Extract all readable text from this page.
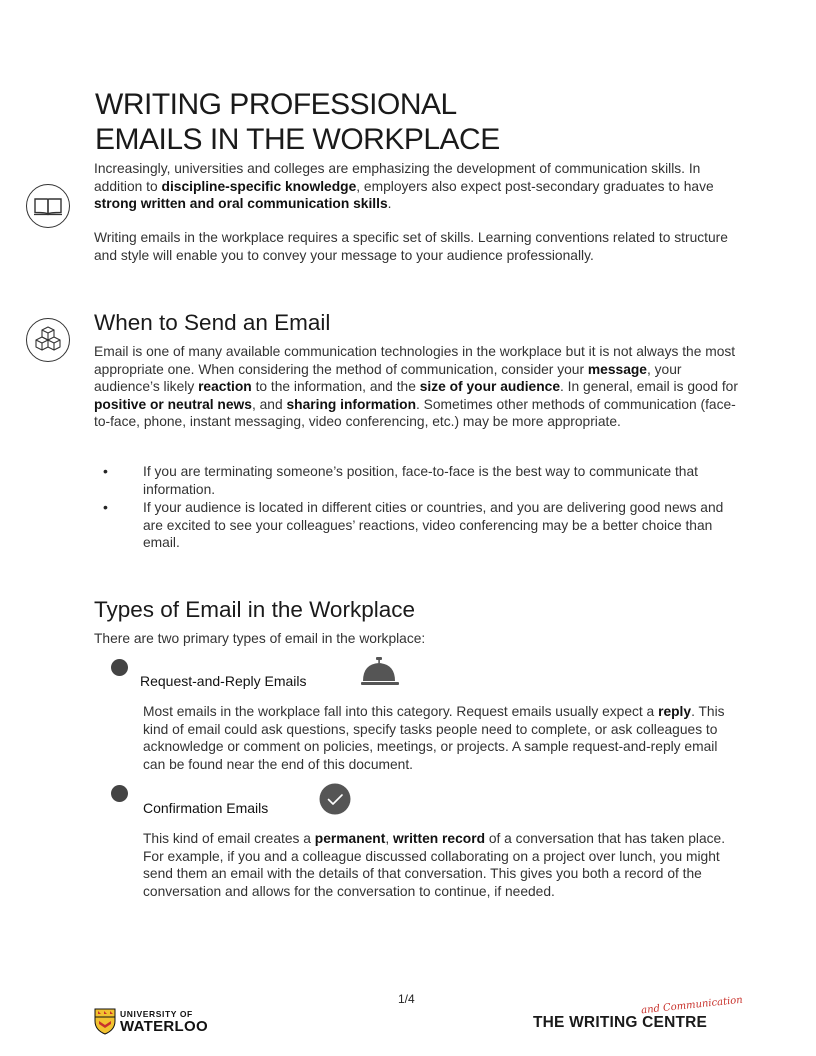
WRITING PROFESSIONAL
EMAILS IN THE WORKPLACE
Increasingly, universities and colleges are emphasizing the development of communication skills. In addition to discipline-specific knowledge, employers also expect post-secondary graduates to have strong written and oral communication skills.
Writing emails in the workplace requires a specific set of skills. Learning conventions related to structure and style will enable you to convey your message to your audience professionally.
When to Send an Email
Email is one of many available communication technologies in the workplace but it is not always the most appropriate one. When considering the method of communication, consider your message, your audience’s likely reaction to the information, and the size of your audience. In general, email is good for positive or neutral news, and sharing information. Sometimes other methods of communication (face-to-face, phone, instant messaging, video conferencing, etc.) may be more appropriate.
•	If you are terminating someone’s position, face-to-face is the best way to communicate that information.
•	If your audience is located in different cities or countries, and you are delivering good news and are excited to see your colleagues’ reactions, video conferencing may be a better choice than email.
Types of Email in the Workplace
There are two primary types of email in the workplace:
Request-and-Reply Emails
Most emails in the workplace fall into this category. Request emails usually expect a reply. This kind of email could ask questions, specify tasks people need to complete, or ask colleagues to acknowledge or comment on policies, meetings, or projects. A sample request-and-reply email can be found near the end of this document.
Confirmation Emails
This kind of email creates a permanent, written record of a conversation that has taken place. For example, if you and a colleague discussed collaborating on a project over lunch, you might send them an email with the details of that conversation. This gives you both a record of the conversation and allows for the conversation to continue, if needed.
1/4
UNIVERSITY OF
WATERLOO	THE WRITING CENTRE
and Communication
